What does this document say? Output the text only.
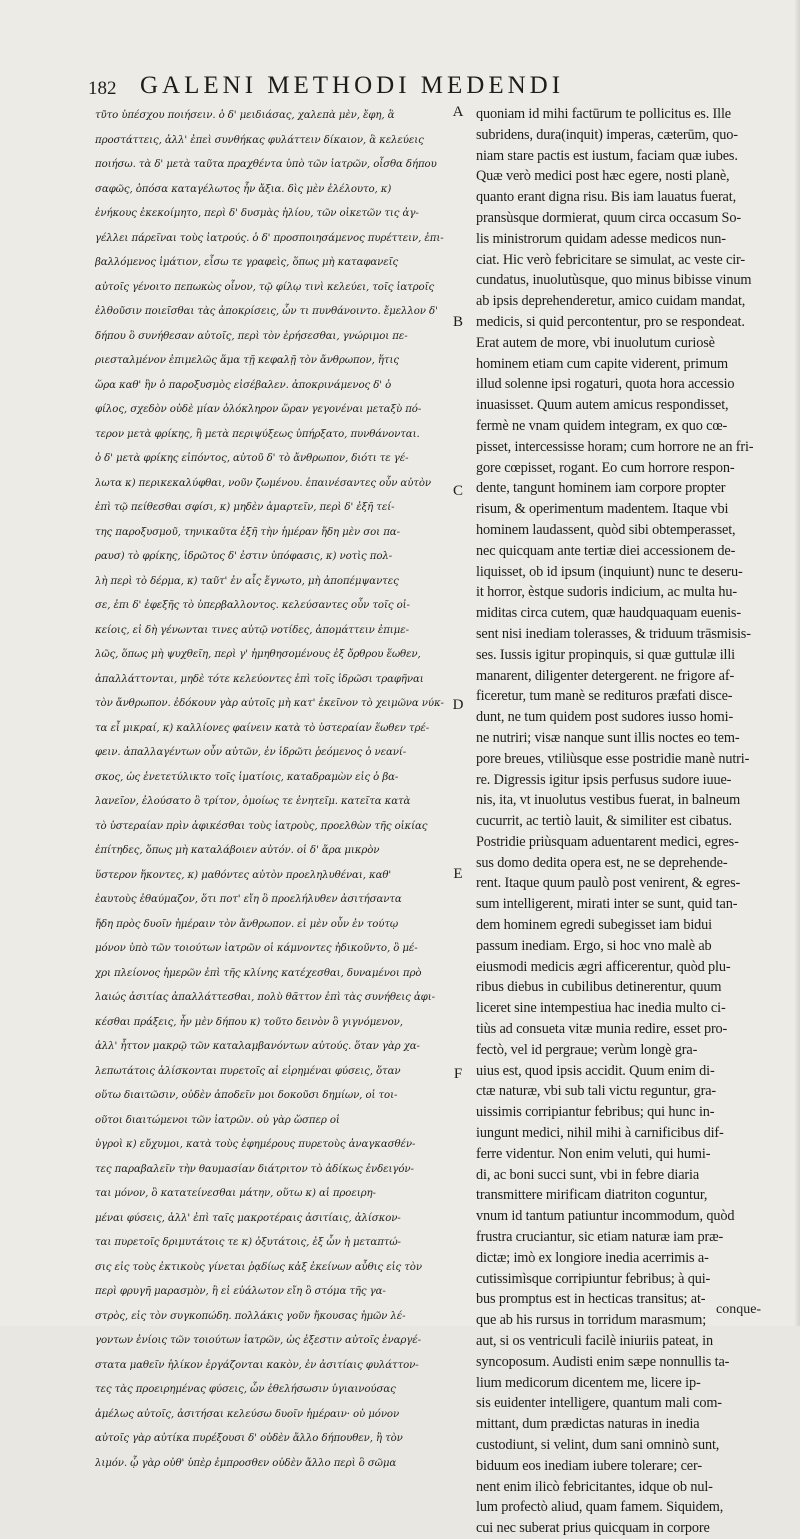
182 GALENI METHODI MEDENDI
τῦτο ὑπέσχου ποιήσειν. ὁ δ' μειδιάσας, χαλεπὰ μὲν, ἔφη, ἃ
προστάττεις, ἀλλ' ἐπεὶ συνθήκας φυλάττειν δίκαιον, ἃ κελεύεις
ποιήσω. τὰ δ' μετὰ ταῦτα πραχθέντα ὑπὸ τῶν ἰατρῶν, οἶσθα δήπου
σαφῶς, ὁπόσα καταγέλωτος ἦν ἄξια. δὶς μὲν ἐλέλουτο, κ)
ἐνήκους ἐκεκοίμητο, περὶ δ' δυσμὰς ἡλίου, τῶν οἰκετῶν τις ἀγ-
γέλλει πάρεῖναι τοὺς ἰατρούς. ὁ δ' προσποιησάμενος πυρέττειν, ἐπι-
βαλλόμενος ἱμάτιον, εἶσω τε γραφεὶς, ὅπως μὴ καταφανεῖς
αὐτοῖς γένοιτο πεπωκὼς οἶνον, τῷ φίλῳ τινὶ κελεύει, τοῖς ἰατροῖς
ἐλθοῦσιν ποιεῖσθαι τὰς ἀποκρίσεις, ὧν τι πυνθάνοιντο. ἔμελλον δ'
δήπου ὃ συνήθεσαν αὐτοῖς, περὶ τὸν ἐρήσεσθαι, γνώριμοι πε-
ριεσταλμένον ἐπιμελῶς ἅμα τῇ κεφαλῇ τὸν ἄνθρωπον, ἥτις
ὥρα καθ' ἣν ὁ παροξυσμὸς εἰσέβαλεν. ἀποκρινάμενος δ' ὁ
φίλος, σχεδὸν οὐδὲ μίαν ὁλόκληρον ὥραν γεγονέναι μεταξὺ πό-
τερον μετὰ φρίκης, ἢ μετὰ περιψύξεως ὑπήρξατο, πυνθάνονται.
ὁ δ' μετὰ φρίκης εἰπόντος, αὐτοῦ δ' τὸ ἄνθρωπον, διότι τε γέ-
λωτα κ) περικεκαλύφθαι, νοῦν ζωμένου. ἐπαινέσαντες οὖν αὐτὸν
ἐπὶ τῷ πείθεσθαι σφίσι, κ) μηδὲν ἁμαρτεῖν, περὶ δ' ἐξῆ τεί-
της παροξυσμοῦ, τηνικαῦτα ἐξῆ τὴν ἡμέραν ἤδη μὲν σοι πα-
ραυσ) τὸ φρίκης, ἱδρῶτος δ' ἐστιν ὑπόφασις, κ) νοτὶς πολ-
λὴ περὶ τὸ δέρμα, κ) ταῦτ' ἐν αἷς ἔγνωτο, μὴ ἀποπέμψαντες
σε, ἐπι δ' ἐφεξῆς τὸ ὑπερβαλλοντος. κελεύσαντες οὖν τοῖς οἰ-
κείοις, εἰ δὴ γένωνται τινες αὐτῷ νοτίδες, ἀπομάττειν ἐπιμε-
λῶς, ὅπως μὴ ψυχθεῖη, περὶ γ' ἡμηθησομένους ἐξ ὄρθρου ἕωθεν,
ἀπαλλάττονται, μηδὲ τότε κελεύοντες ἐπὶ τοῖς ἱδρῶσι τραφῆναι
τὸν ἄνθρωπον. ἐδόκουν γὰρ αὐτοῖς μὴ κατ' ἐκεῖνον τὸ χειμῶνα νύκ-
τα εἶ μικραί, κ) καλλίονες φαίνειν κατὰ τὸ ὑστεραίαν ἕωθεν τρέ-
φειν. ἀπαλλαγέντων οὖν αὐτῶν, ἐν ἱδρῶτι ῥεόμενος ὁ νεανί-
σκος, ὡς ἐνετετύλικτο τοῖς ἱματίοις, καταδραμὼν εἰς ὁ βα-
λανεῖον, ἐλούσατο ὃ τρίτον, ὁμοίως τε ἐνητεῖμ. κατεῖτα κατὰ
τὸ ὑστεραίαν πρὶν ἀφικέσθαι τοὺς ἰατροὺς, προελθὼν τῆς οἰκίας
ἐπίτηδες, ὅπως μὴ καταλάβοιεν αὐτόν. οἱ δ' ἄρα μικρὸν
ὕστερον ἥκοντες, κ) μαθόντες αὐτὸν προεληλυθέναι, καθ'
ἑαυτοὺς ἐθαύμαζον, ὅτι ποτ' εἴη ὃ προελήλυθεν ἀσιτήσαντα
ἤδη πρὸς δυοῖν ἡμέραιν τὸν ἄνθρωπον. εἰ μὲν οὖν ἐν τούτῳ
μόνον ὑπὸ τῶν τοιούτων ἰατρῶν οἱ κάμνοντες ἠδικοῦντο, ὃ μέ-
χρι πλείονος ἡμερῶν ἐπὶ τῆς κλίνης κατέχεσθαι, δυναμένοι πρὸ
λαιώς ἀσιτίας ἀπαλλάττεσθαι, πολὺ θᾶττον ἐπὶ τὰς συνήθεις ἀφι-
κέσθαι πράξεις, ἦν μὲν δήπου κ) τοῦτο δεινὸν ὃ γιγνόμενον,
ἀλλ' ἧττον μακρῷ τῶν καταλαμβανόντων αὐτούς. ὅταν γὰρ χα-
λεπωτάτοις ἁλίσκονται πυρετοῖς αἱ εἰρημέναι φύσεις, ὅταν
οὕτω διαιτῶσιν, οὐδὲν ἀποδεῖν μοι δοκοῦσι δημίων, οἱ τοι-
οῦτοι διαιτώμενοι τῶν ἰατρῶν. οὐ γὰρ ὥσπερ οἱ
ὑγροὶ κ) εὔχυμοι, κατὰ τοὺς ἐφημέρους πυρετοὺς ἀναγκασθέν-
τες παραβαλεῖν τὴν θαυμασίαν διάτριτον τὸ ἀδίκως ἐνδειγόν-
ται μόνον, ὃ κατατείνεσθαι μάτην, οὕτω κ) αἱ προειρη-
μέναι φύσεις, ἀλλ' ἐπὶ ταῖς μακροτέραις ἀσιτίαις, ἁλίσκον-
ται πυρετοῖς δριμυτάτοις τε κ) ὀξυτάτοις, ἐξ ὧν ἡ μεταπτώ-
σις εἰς τοὺς ἐκτικοὺς γίνεται ῥᾳδίως κἀξ ἐκείνων αὖθις εἰς τὸν
περὶ φρυγῆ μαρασμὸν, ἢ εἰ εὐάλωτον εἴη ὃ στόμα τῆς γα-
στρὸς, εἰς τὸν συγκοπώδη. πολλάκις γοῦν ἤκουσας ἡμῶν λέ-
γοντων ἐνίοις τῶν τοιούτων ἰατρῶν, ὡς ἐξεστιν αὐτοῖς ἐναργέ-
στατα μαθεῖν ἡλίκον ἐργάζονται κακὸν, ἐν ἀσιτίαις φυλάττον-
τες τὰς προειρημένας φύσεις, ὧν ἐθελήσωσιν ὑγιαινούσας
ἀμέλως αὐτοῖς, ἀσιτήσαι κελεύσω δυοῖν ἡμέραιν· οὐ μόνον
αὐτοῖς γὰρ αὐτίκα πυρέξουσι δ' οὐδὲν ἄλλο δήπουθεν, ἢ τὸν
λιμόν. ᾧ γὰρ οὐθ' ὑπὲρ ἐμπροσθεν οὐδὲν ἄλλο περὶ ὃ σῶμα
quoniam id mihi factūrum te pollicitus es. Ille
subridens, dura(inquit) imperas, cæterūm, quo-
niam stare pactis est iustum, faciam quæ iubes.
Quæ verò medici post hæc egere, nosti planè,
quanto erant digna risu. Bis iam lauatus fuerat,
pransùsque dormierat, quum circa occasum So-
lis ministrorum quidam adesse medicos nun-
ciat. Hic verò febricitare se simulat, ac veste cir-
cundatus, inuolutùsque, quo minus bibisse vinum
ab ipsis deprehenderetur, amico cuidam mandat,
medicis, si quid percontentur, pro se respondeat.
Erat autem de more, vbi inuolutum curiosè
hominem etiam cum capite viderent, primum
illud solenne ipsi rogaturi, quota hora accessio
inuasisset. Quum autem amicus respondisset,
fermè ne vnam quidem integram, ex quo cœ-
pisset, intercessisse horam; cum horrore ne an fri-
gore cœpisset, rogant. Eo cum horrore respon-
dente, tangunt hominem iam corpore propter
risum, & operimentum madentem. Itaque vbi
hominem laudassent, quòd sibi obtemperasset,
nec quicquam ante tertiæ diei accessionem de-
liquisset, ob id ipsum (inquiunt) nunc te deseru-
it horror, èstque sudoris indicium, ac multa hu-
miditas circa cutem, quæ haudquaquam euenis-
sent nisi inediam tolerasses, & triduum trāsmisis-
ses. Iussis igitur propinquis, si quæ guttulæ illi
manarent, diligenter detergerent. ne frigore af-
ficeretur, tum manè se redituros præfati disce-
dunt, ne tum quidem post sudores iusso homi-
ne nutriri; visæ nanque sunt illis noctes eo tem-
pore breues, vtiliùsque esse postridie manè nutri-
re. Digressis igitur ipsis perfusus sudore iuue-
nis, ita, vt inuolutus vestibus fuerat, in balneum
cucurrit, ac tertiò lauit, & similiter est cibatus.
Postridie priùsquam aduentarent medici, egres-
sus domo dedita opera est, ne se deprehende-
rent. Itaque quum paulò post venirent, & egres-
sum intelligerent, mirati inter se sunt, quid tan-
dem hominem egredi subegisset iam bidui
passum inediam. Ergo, si hoc vno malè ab
eiusmodi medicis ægri afficerentur, quòd plu-
ribus diebus in cubilibus detinerentur, quum
liceret sine intempestiua hac inedia multo ci-
tiùs ad consueta vitæ munia redire, esset pro-
fectò, vel id pergraue; verùm longè gra-
uius est, quod ipsis accidit. Quum enim di-
ctæ naturæ, vbi sub tali victu reguntur, gra-
uissimis corripiantur febribus; qui hunc in-
iungunt medici, nihil mihi à carnificibus dif-
ferre videntur. Non enim veluti, qui humi-
di, ac boni succi sunt, vbi in febre diaria
transmittere mirificam diatriton coguntur,
vnum id tantum patiuntur incommodum, quòd
frustra cruciantur, sic etiam naturæ iam præ-
dictæ; imò ex longiore inedia acerrimis a-
cutissimìsque corripiuntur febribus; à qui-
bus promptus est in hecticas transitus; at-
que ab his rursus in torridum marasmum;
aut, si os ventriculi facilè iniuriis pateat, in
syncoposum. Audisti enim sæpe nonnullis ta-
lium medicorum dicentem me, licere ip-
sis euidenter intelligere, quantum mali com-
mittant, dum prædictas naturas in inedia
custodiunt, si velint, dum sani omninò sunt,
biduum eos inediam iubere tolerare; cer-
nent enim ilicò febricitantes, idque ob nul-
lum profectò aliud, quam famem. Siquidem,
cui nec suberat prius quicquam in corpore
A
B
C
D
E
F
conque-
